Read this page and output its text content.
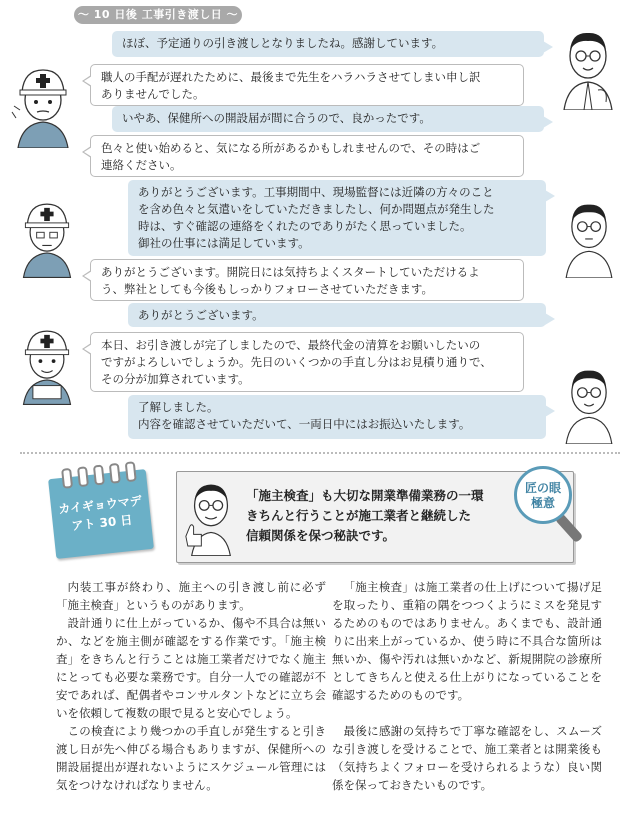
〜 10 日後 工事引き渡し日 〜

ほぼ、予定通りの引き渡しとなりましたね。感謝しています。

職人の手配が遅れたために、最後まで先生をハラハラさせてしまい申し訳

ありませんでした。

いやあ、保健所への開設届が間に合うので、良かったです。

色々と使い始めると、気になる所があるかもしれませんので、その時はご

連絡ください。

ありがとうございます。工事期間中、現場監督には近隣の方々のこと

を含め色々と気遣いをしていただきましたし、何か問題点が発生した

時は、すぐ確認の連絡をくれたのでありがたく思っていました。

御社の仕事には満足しています。

ありがとうございます。開院日には気持ちよくスタートしていただけるよ

う、弊社としても今後もしっかりフォローさせていただきます。

ありがとうございます。

本日、お引き渡しが完了しましたので、最終代金の清算をお願いしたいの

ですがよろしいでしょうか。先日のいくつかの手直し分はお見積り通りで、

その分が加算されています。

了解しました。

内容を確認させていただいて、一両日中にはお振込いたします。

カイギョウマデ
アト 30 日

「施主検査」も大切な開業準備業務の一環

きちんと行うことが施工業者と継続した

信頼関係を保つ秘訣です。

匠の眼
極意

内装工事が終わり、施主への引き渡し前に必ず「施主検査」というものがあります。

設計通りに仕上がっているか、傷や不具合は無いか、などを施主側が確認をする作業です。「施主検査」をきちんと行うことは施工業者だけでなく施主にとっても必要な業務です。自分一人での確認が不安であれば、配偶者やコンサルタントなどに立ち会いを依頼して複数の眼で見ると安心でしょう。

この検査により幾つかの手直しが発生すると引き渡し日が先へ伸びる場合もありますが、保健所への開設届提出が遅れないようにスケジュール管理には気をつけなければなりません。

「施主検査」は施工業者の仕上げについて揚げ足を取ったり、重箱の隅をつつくようにミスを発見するためのものではありません。あくまでも、設計通りに出来上がっているか、使う時に不具合な箇所は無いか、傷や汚れは無いかなど、新規開院の診療所としてきちんと使える仕上がりになっていることを確認するためのものです。

最後に感謝の気持ちで丁寧な確認をし、スムーズな引き渡しを受けることで、施工業者とは開業後も（気持ちよくフォローを受けられるような）良い関係を保っておきたいものです。
